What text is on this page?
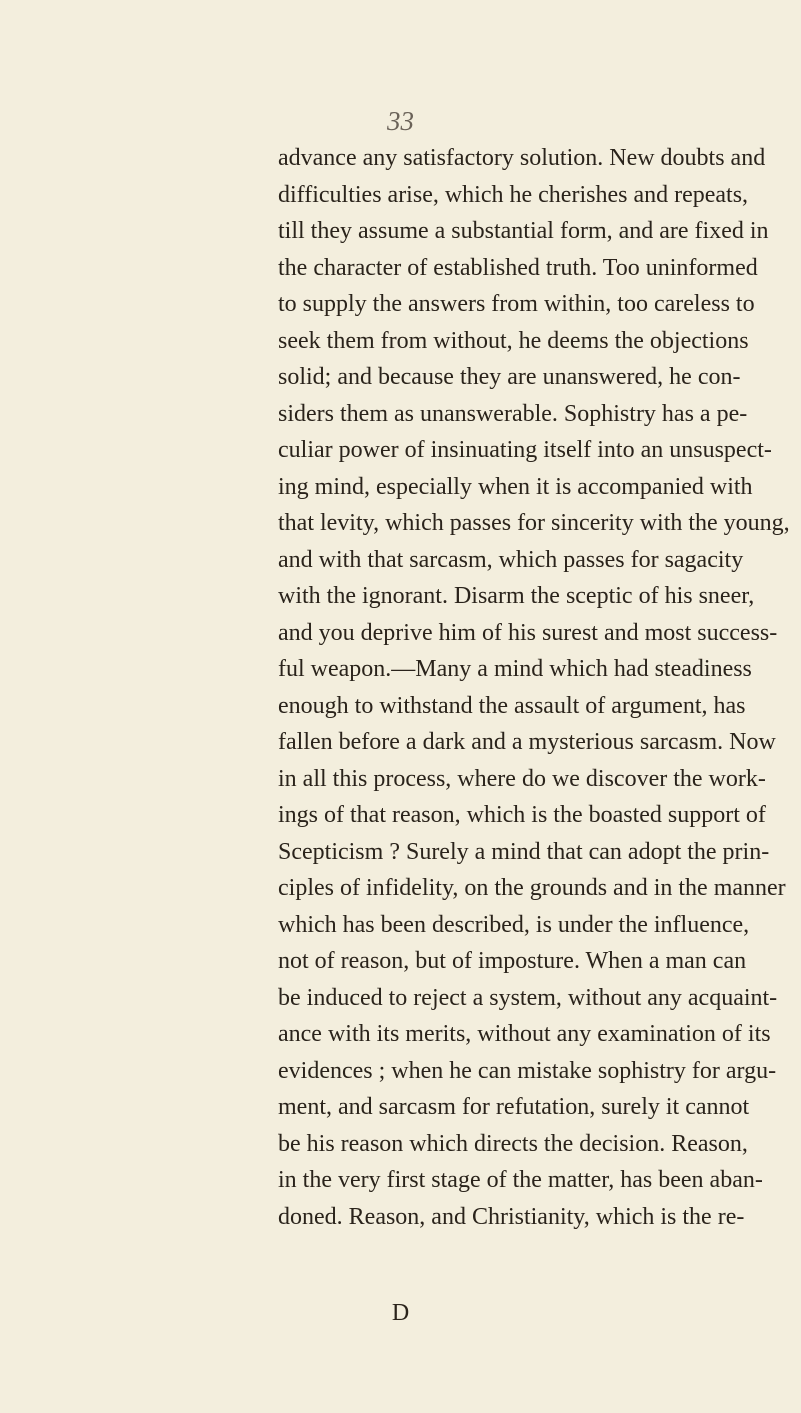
33
advance any satisfactory solution. New doubts and
difficulties arise, which he cherishes and repeats,
till they assume a substantial form, and are fixed in
the character of established truth. Too uninformed
to supply the answers from within, too careless to
seek them from without, he deems the objections
solid; and because they are unanswered, he con-
siders them as unanswerable. Sophistry has a pe-
culiar power of insinuating itself into an unsuspect-
ing mind, especially when it is accompanied with
that levity, which passes for sincerity with the young,
and with that sarcasm, which passes for sagacity
with the ignorant. Disarm the sceptic of his sneer,
and you deprive him of his surest and most success-
ful weapon.—Many a mind which had steadiness
enough to withstand the assault of argument, has
fallen before a dark and a mysterious sarcasm. Now
in all this process, where do we discover the work-
ings of that reason, which is the boasted support of
Scepticism ? Surely a mind that can adopt the prin-
ciples of infidelity, on the grounds and in the manner
which has been described, is under the influence,
not of reason, but of imposture. When a man can
be induced to reject a system, without any acquaint-
ance with its merits, without any examination of its
evidences ; when he can mistake sophistry for argu-
ment, and sarcasm for refutation, surely it cannot
be his reason which directs the decision. Reason,
in the very first stage of the matter, has been aban-
doned. Reason, and Christianity, which is the re-
D
